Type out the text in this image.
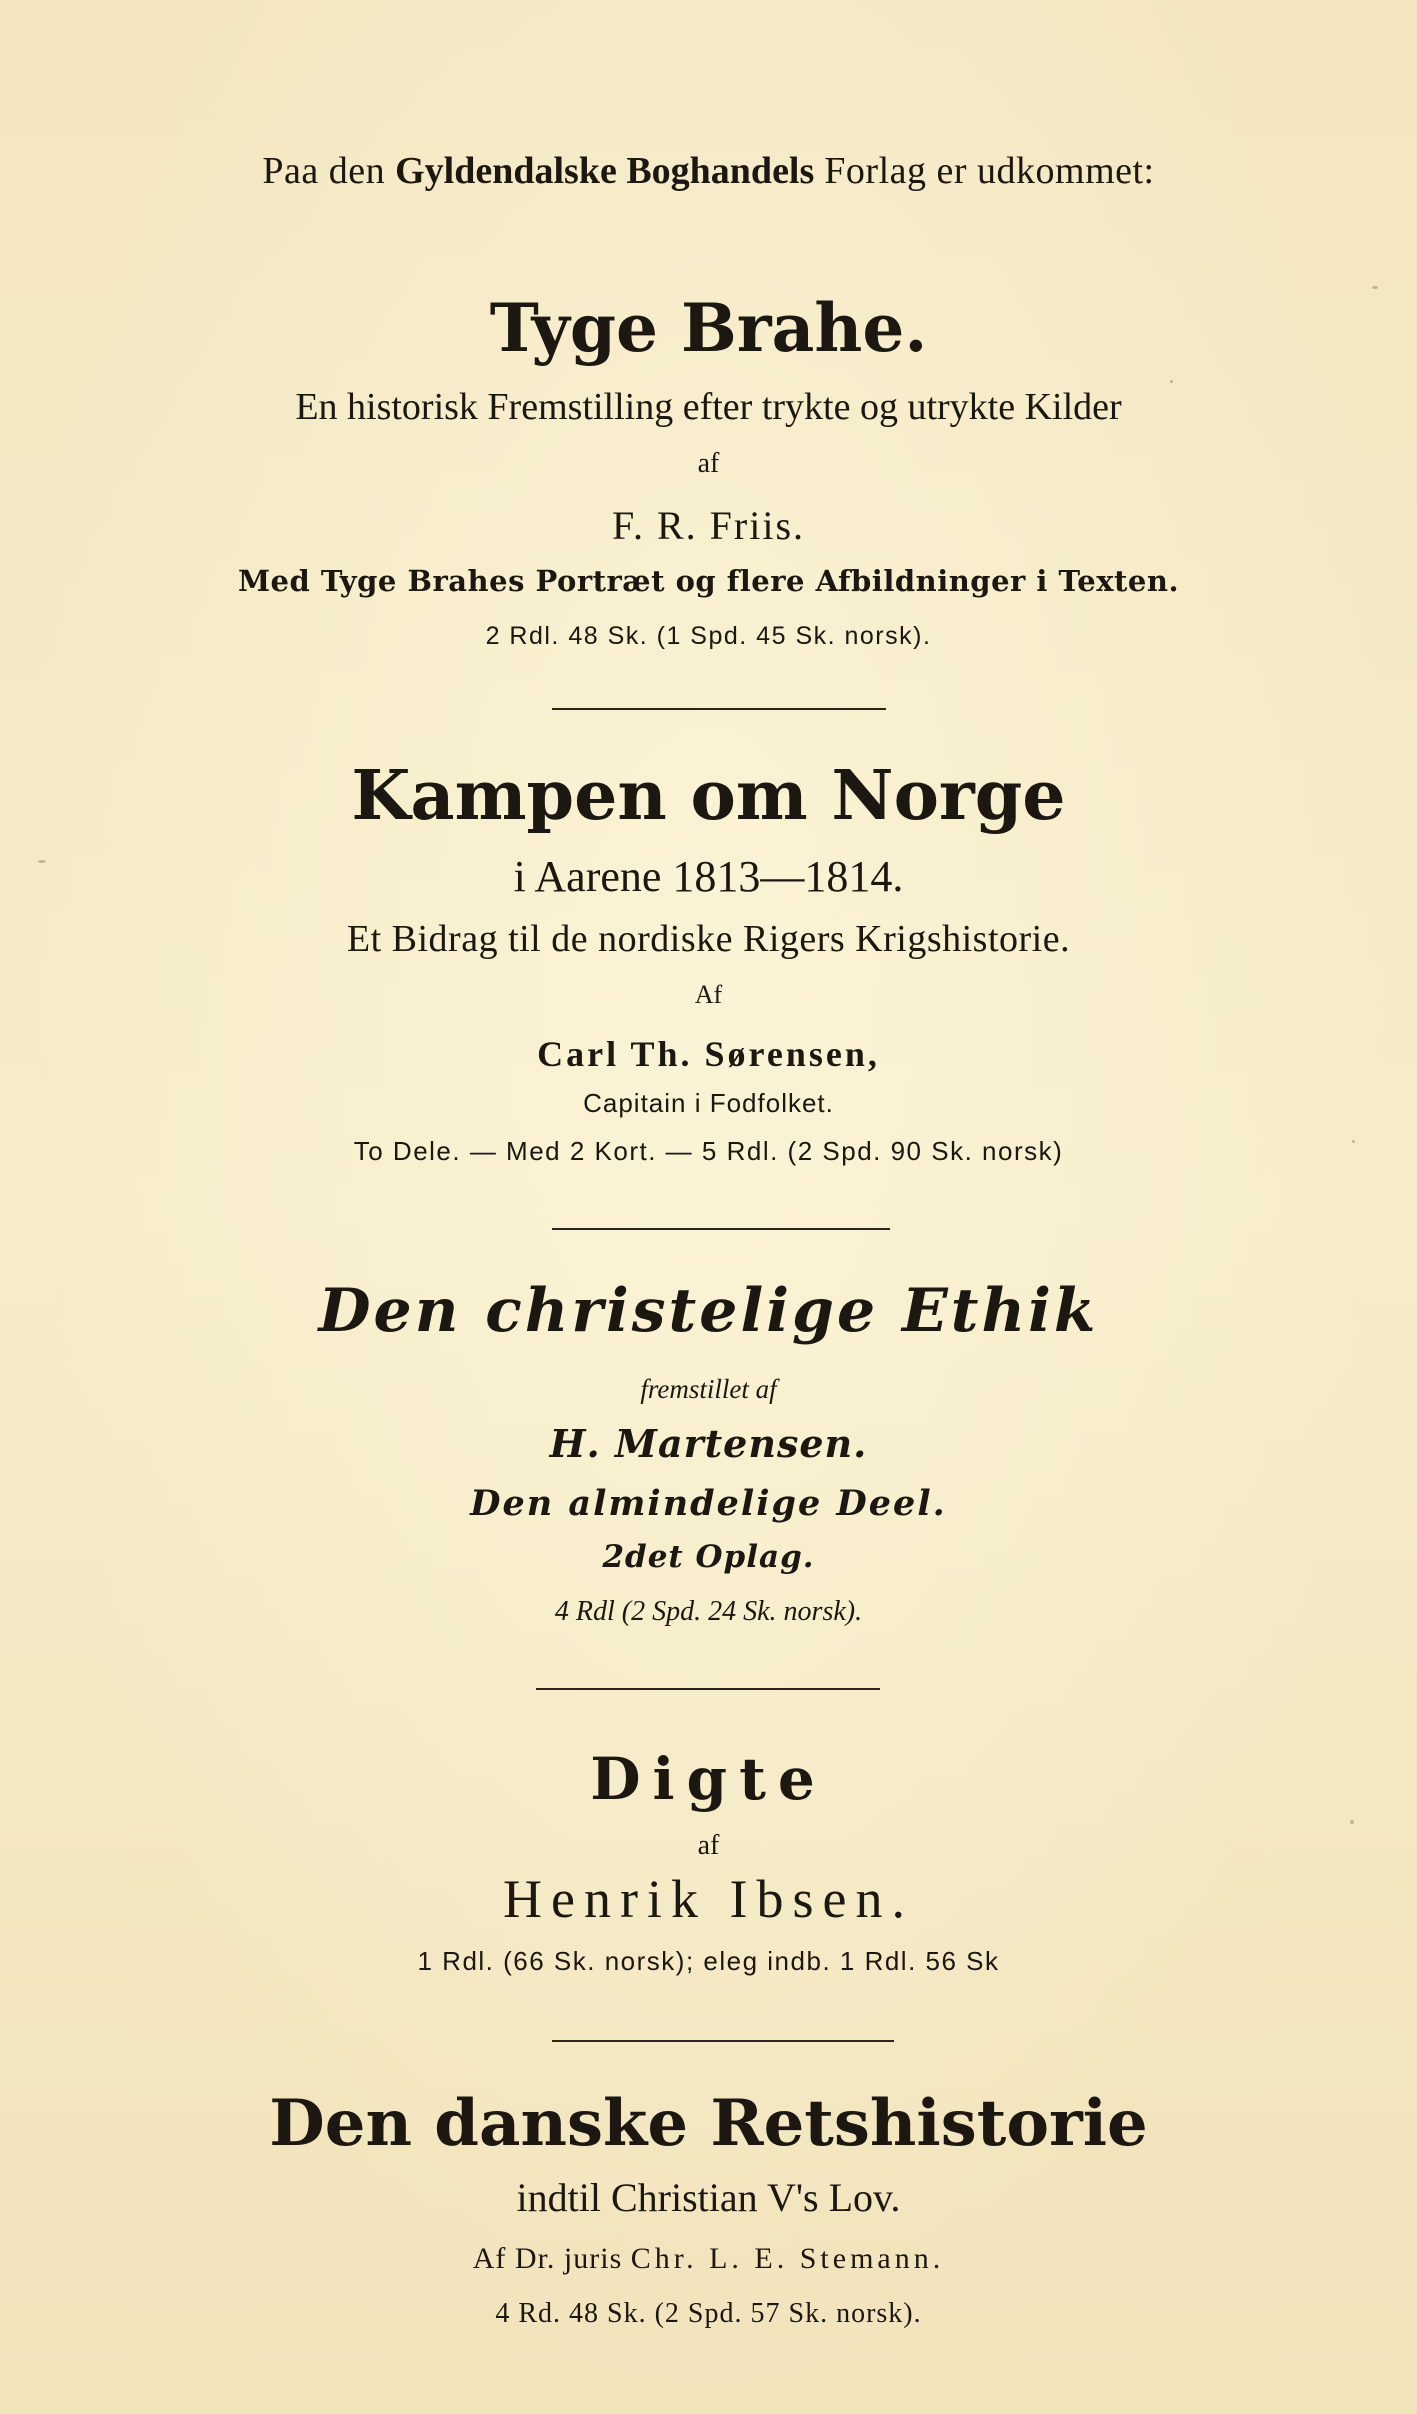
Paa den Gyldendalske Boghandels Forlag er udkommet:
Tyge Brahe.
En historisk Fremstilling efter trykte og utrykte Kilder
af
F. R. Friis.
Med Tyge Brahes Portræt og flere Afbildninger i Texten.
2 Rdl. 48 Sk. (1 Spd. 45 Sk. norsk).
Kampen om Norge
i Aarene 1813—1814.
Et Bidrag til de nordiske Rigers Krigshistorie.
Af
Carl Th. Sørensen,
Capitain i Fodfolket.
To Dele. — Med 2 Kort. — 5 Rdl. (2 Spd. 90 Sk. norsk)
Den christelige Ethik
fremstillet af
H. Martensen.
Den almindelige Deel.
2det Oplag.
4 Rdl (2 Spd. 24 Sk. norsk).
Digte
af
Henrik Ibsen.
1 Rdl. (66 Sk. norsk); eleg indb. 1 Rdl. 56 Sk
Den danske Retshistorie
indtil Christian V's Lov.
Af Dr. juris Chr. L. E. Stemann.
4 Rd. 48 Sk. (2 Spd. 57 Sk. norsk).
